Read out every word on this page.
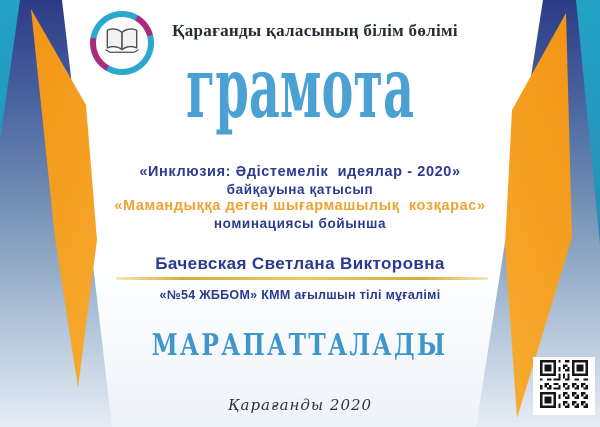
Қарағанды қаласының білім бөлімі
грамота

«Инклюзия: Әдістемелік  идеялар - 2020»

байқауына қатысып

«Мамандыққа деген шығармашылық  козқарас»

номинациясы бойынша

Бачевская Светлана Викторовна
«№54 ЖББОМ» КММ ағылшын тілі мұғалімі
МАРАПАТТАЛАДЫ
Қарағанды 2020
